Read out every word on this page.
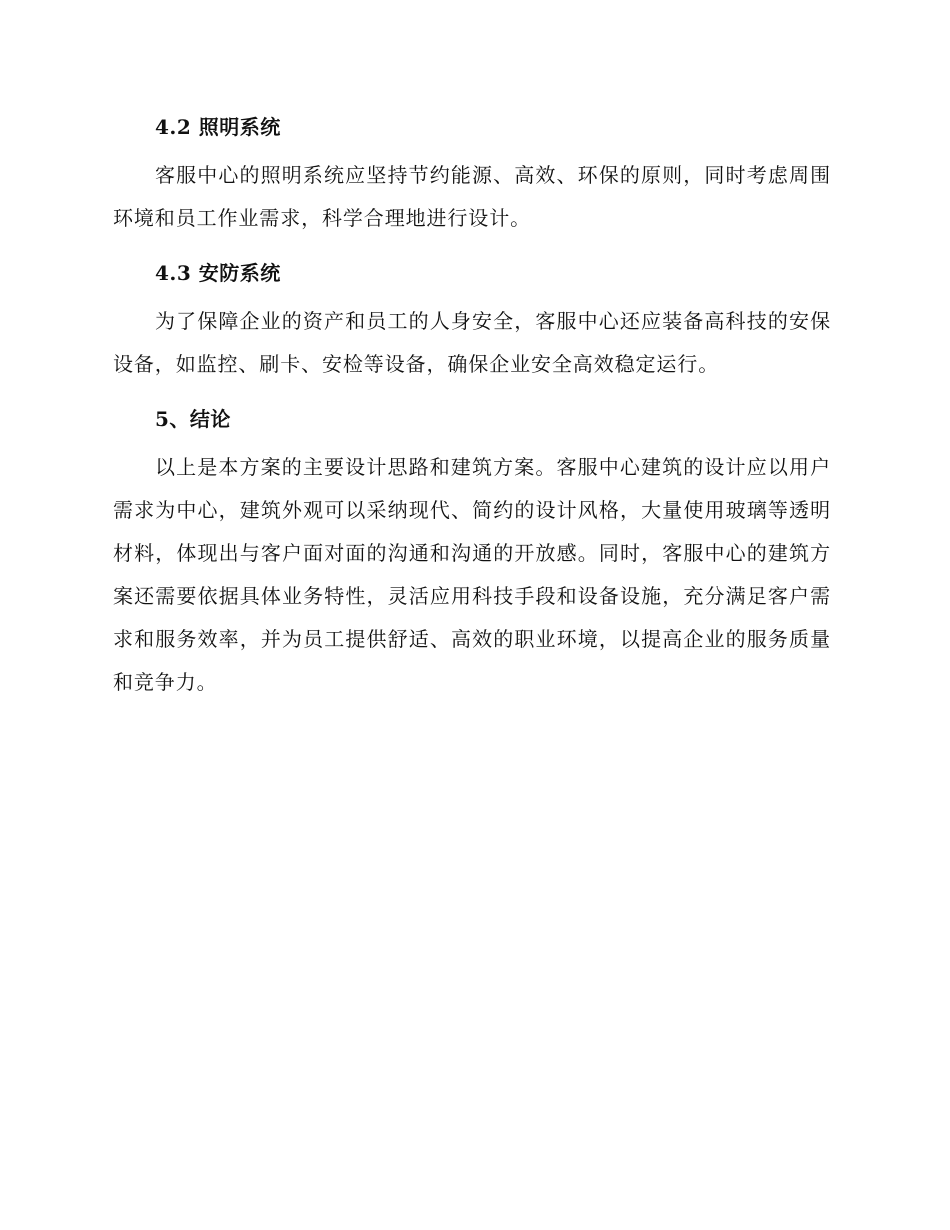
4.2 照明系统

客服中心的照明系统应坚持节约能源、高效、环保的原则，同时考虑周围环境和员工作业需求，科学合理地进行设计。

4.3 安防系统

为了保障企业的资产和员工的人身安全，客服中心还应装备高科技的安保设备，如监控、刷卡、安检等设备，确保企业安全高效稳定运行。

5、结论

以上是本方案的主要设计思路和建筑方案。客服中心建筑的设计应以用户需求为中心，建筑外观可以采纳现代、简约的设计风格，大量使用玻璃等透明材料，体现出与客户面对面的沟通和沟通的开放感。同时，客服中心的建筑方案还需要依据具体业务特性，灵活应用科技手段和设备设施，充分满足客户需求和服务效率，并为员工提供舒适、高效的职业环境，以提高企业的服务质量和竞争力。
